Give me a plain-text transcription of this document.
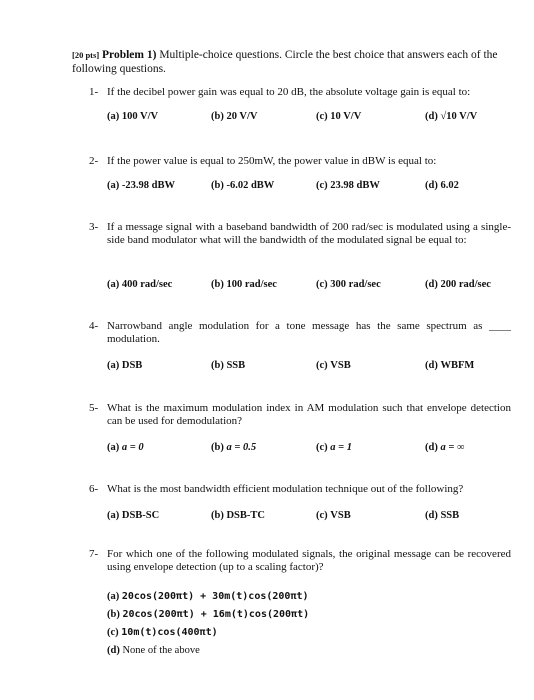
[20 pts] Problem 1) Multiple-choice questions. Circle the best choice that answers each of the following questions.
1- If the decibel power gain was equal to 20 dB, the absolute voltage gain is equal to:
(a) 100 V/V	(b) 20 V/V	(c) 10 V/V	(d) √10 V/V
2- If the power value is equal to 250mW, the power value in dBW is equal to:
(a) -23.98 dBW	(b) -6.02 dBW	(c) 23.98 dBW	(d) 6.02
3- If a message signal with a baseband bandwidth of 200 rad/sec is modulated using a single-side band modulator what will the bandwidth of the modulated signal be equal to:
(a) 400 rad/sec	(b) 100 rad/sec	(c) 300 rad/sec	(d) 200 rad/sec
4- Narrowband angle modulation for a tone message has the same spectrum as ____ modulation.
(a) DSB	(b) SSB	(c) VSB	(d) WBFM
5- What is the maximum modulation index in AM modulation such that envelope detection can be used for demodulation?
(a) a = 0	(b) a = 0.5	(c) a = 1	(d) a = ∞
6- What is the most bandwidth efficient modulation technique out of the following?
(a) DSB-SC	(b) DSB-TC	(c) VSB	(d) SSB
7- For which one of the following modulated signals, the original message can be recovered using envelope detection (up to a scaling factor)?
(a) 20cos(200πt) + 30m(t)cos(200πt)
(b) 20cos(200πt) + 16m(t)cos(200πt)
(c) 10m(t)cos(400πt)
(d) None of the above
